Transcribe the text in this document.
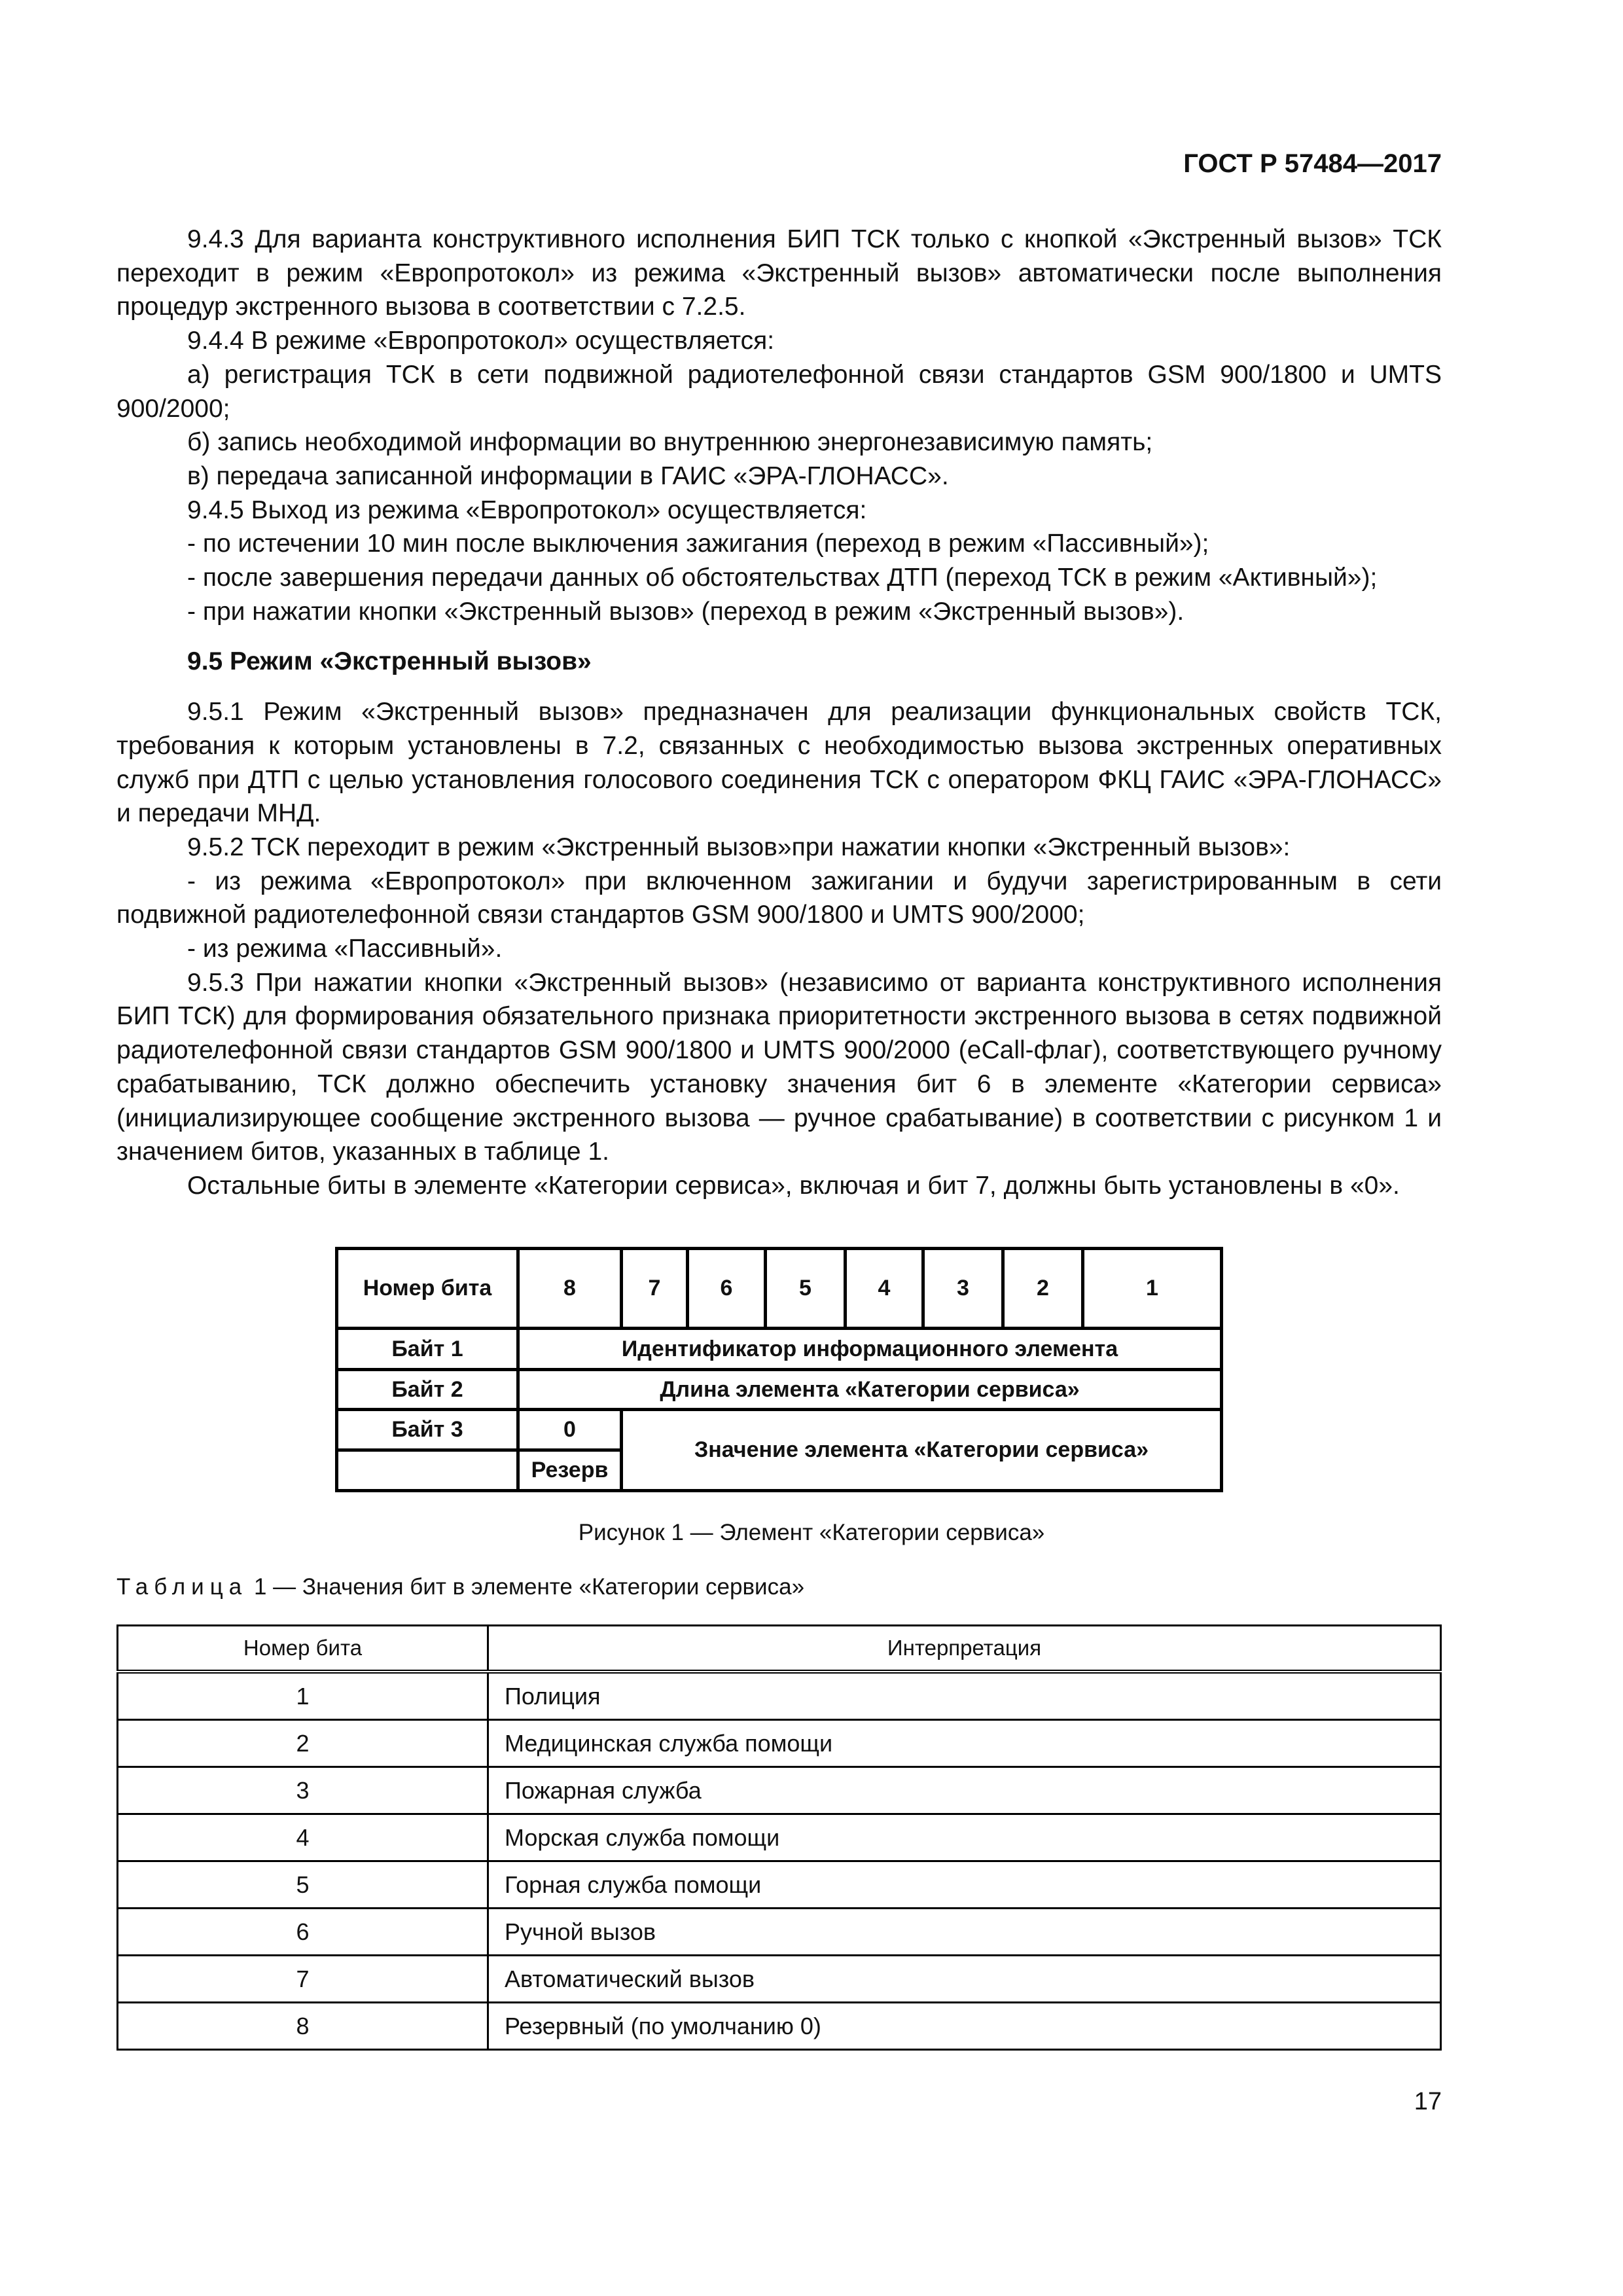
ГОСТ Р 57484—2017

9.4.3 Для варианта конструктивного исполнения БИП ТСК только с кнопкой «Экстренный вызов» ТСК переходит в режим «Европротокол» из режима «Экстренный вызов» автоматически после выполнения процедур экстренного вызова в соответствии с 7.2.5.

9.4.4 В режиме «Европротокол» осуществляется:

а) регистрация ТСК в сети подвижной радиотелефонной связи стандартов GSM 900/1800 и UMTS 900/2000;

б) запись необходимой информации во внутреннюю энергонезависимую память;

в) передача записанной информации в ГАИС «ЭРА-ГЛОНАСС».

9.4.5 Выход из режима «Европротокол» осуществляется:

- по истечении 10 мин после выключения зажигания (переход в режим «Пассивный»);

- после завершения передачи данных об обстоятельствах ДТП (переход ТСК в режим «Активный»);

- при нажатии кнопки «Экстренный вызов» (переход в режим «Экстренный вызов»).

9.5 Режим «Экстренный вызов»

9.5.1 Режим «Экстренный вызов» предназначен для реализации функциональных свойств ТСК, требования к которым установлены в 7.2, связанных с необходимостью вызова экстренных оперативных служб при ДТП с целью установления голосового соединения ТСК с оператором ФКЦ ГАИС «ЭРА-ГЛОНАСС» и передачи МНД.

9.5.2 ТСК переходит в режим «Экстренный вызов»при нажатии кнопки «Экстренный вызов»:

- из режима «Европротокол» при включенном зажигании и будучи зарегистрированным в сети подвижной радиотелефонной связи стандартов GSM 900/1800 и UMTS 900/2000;

- из режима «Пассивный».

9.5.3 При нажатии кнопки «Экстренный вызов» (независимо от варианта конструктивного исполнения БИП ТСК) для формирования обязательного признака приоритетности экстренного вызова в сетях подвижной радиотелефонной связи стандартов GSM 900/1800 и UMTS 900/2000 (eCall-флаг), соответствующего ручному срабатыванию, ТСК должно обеспечить установку значения бит 6 в элементе «Категории сервиса» (инициализирующее сообщение экстренного вызова — ручное срабатывание) в соответствии с рисунком 1 и значением битов, указанных в таблице 1.

Остальные биты в элементе «Категории сервиса», включая и бит 7, должны быть установлены в «0».

Номер бита	8	7	6	5	4	3	2	1
Байт 1	Идентификатор информационного элемента							
Байт 2	Длина элемента «Категории сервиса»							
Байт 3	0	Значение элемента «Категории сервиса»						
	Резерв							
Рисунок 1 — Элемент «Категории сервиса»
Таблица 1 — Значения бит в элементе «Категории сервиса»
Номер бита	Интерпретация
1	Полиция
2	Медицинская служба помощи
3	Пожарная служба
4	Морская служба помощи
5	Горная служба помощи
6	Ручной вызов
7	Автоматический вызов
8	Резервный (по умолчанию 0)
17
